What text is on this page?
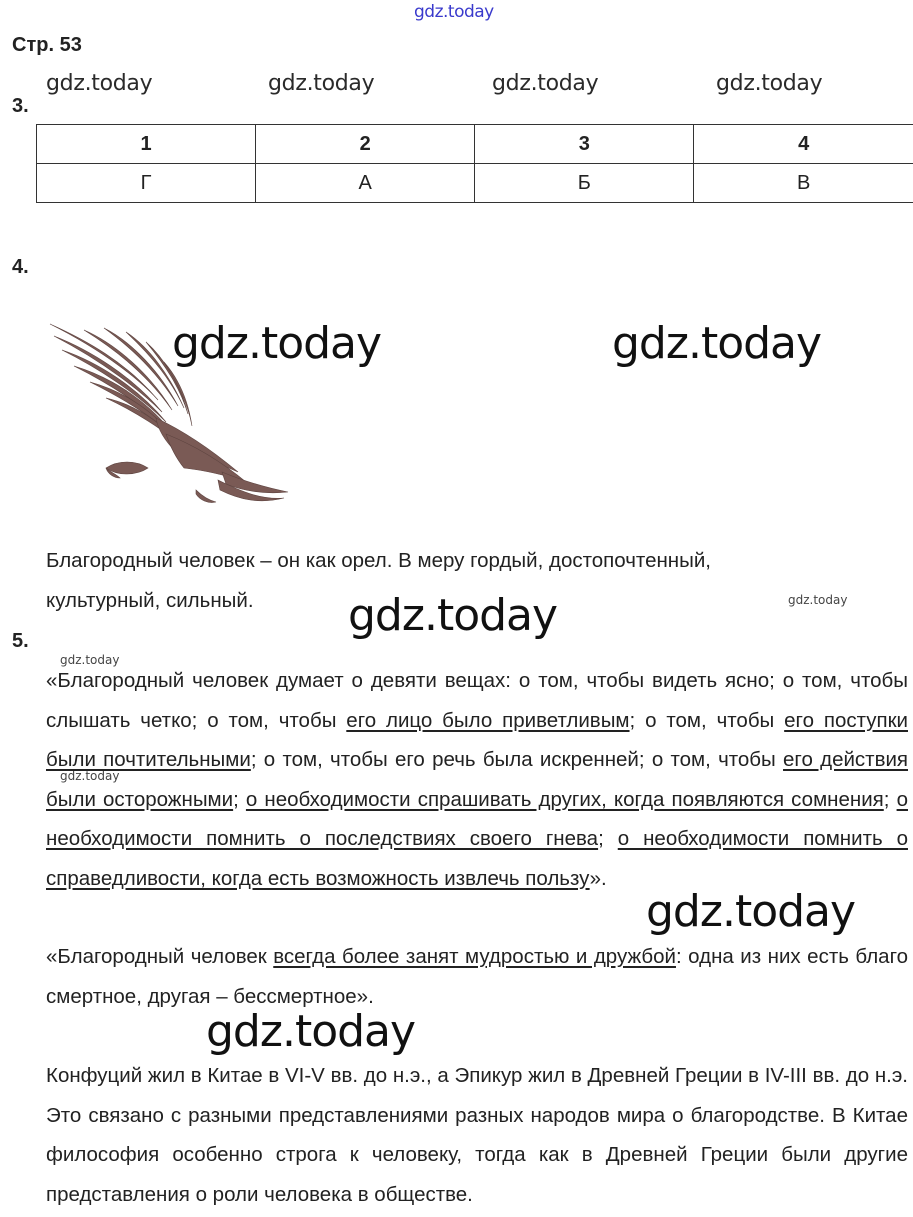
gdz.today
Стр. 53
gdz.today	gdz.today	gdz.today	gdz.today
3.
1	2	3	4
Г	А	Б	В
4.
gdz.today	gdz.today
Благородный человек – он как орел. В меру гордый, достопочтенный, культурный, сильный.	gdz.today	gdz.today
5.
gdz.today
gdz.today
«Благородный человек думает о девяти вещах: о том, чтобы видеть ясно; о том, чтобы слышать четко; о том, чтобы его лицо было приветливым; о том, чтобы его поступки были почтительными; о том, чтобы его речь была искренней; о том, чтобы его действия были осторожными; о необходимости спрашивать других, когда появляются сомнения; о необходимости помнить о последствиях своего гнева; о необходимости помнить о справедливости, когда есть возможность извлечь пользу».
gdz.today
«Благородный человек всегда более занят мудростью и дружбой: одна из них есть благо смертное, другая – бессмертное».
gdz.today
Конфуций жил в Китае в VI-V вв. до н.э., а Эпикур жил в Древней Греции в IV-III вв. до н.э. Это связано с разными представлениями разных народов мира о благородстве. В Китае философия особенно строга к человеку, тогда как в Древней Греции были другие представления о роли человека в обществе.
